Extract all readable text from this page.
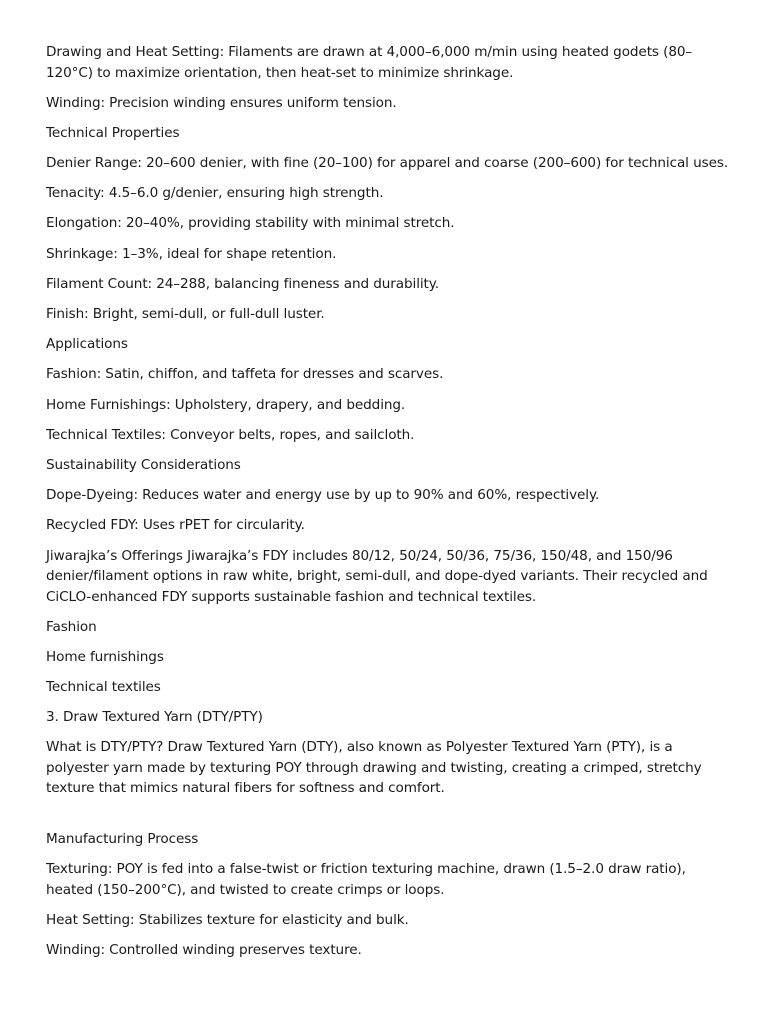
Drawing and Heat Setting: Filaments are drawn at 4,000–6,000 m/min using heated godets (80–120°C) to maximize orientation, then heat-set to minimize shrinkage.

Winding: Precision winding ensures uniform tension.

Technical Properties

Denier Range: 20–600 denier, with fine (20–100) for apparel and coarse (200–600) for technical uses.

Tenacity: 4.5–6.0 g/denier, ensuring high strength.

Elongation: 20–40%, providing stability with minimal stretch.

Shrinkage: 1–3%, ideal for shape retention.

Filament Count: 24–288, balancing fineness and durability.

Finish: Bright, semi-dull, or full-dull luster.

Applications

Fashion: Satin, chiffon, and taffeta for dresses and scarves.

Home Furnishings: Upholstery, drapery, and bedding.

Technical Textiles: Conveyor belts, ropes, and sailcloth.

Sustainability Considerations

Dope-Dyeing: Reduces water and energy use by up to 90% and 60%, respectively.

Recycled FDY: Uses rPET for circularity.

Jiwarajka’s Offerings Jiwarajka’s FDY includes 80/12, 50/24, 50/36, 75/36, 150/48, and 150/96 denier/filament options in raw white, bright, semi-dull, and dope-dyed variants. Their recycled and CiCLO-enhanced FDY supports sustainable fashion and technical textiles.

Fashion

Home furnishings

Technical textiles

3. Draw Textured Yarn (DTY/PTY)

What is DTY/PTY? Draw Textured Yarn (DTY), also known as Polyester Textured Yarn (PTY), is a polyester yarn made by texturing POY through drawing and twisting, creating a crimped, stretchy texture that mimics natural fibers for softness and comfort.

Manufacturing Process

Texturing: POY is fed into a false-twist or friction texturing machine, drawn (1.5–2.0 draw ratio), heated (150–200°C), and twisted to create crimps or loops.

Heat Setting: Stabilizes texture for elasticity and bulk.

Winding: Controlled winding preserves texture.
